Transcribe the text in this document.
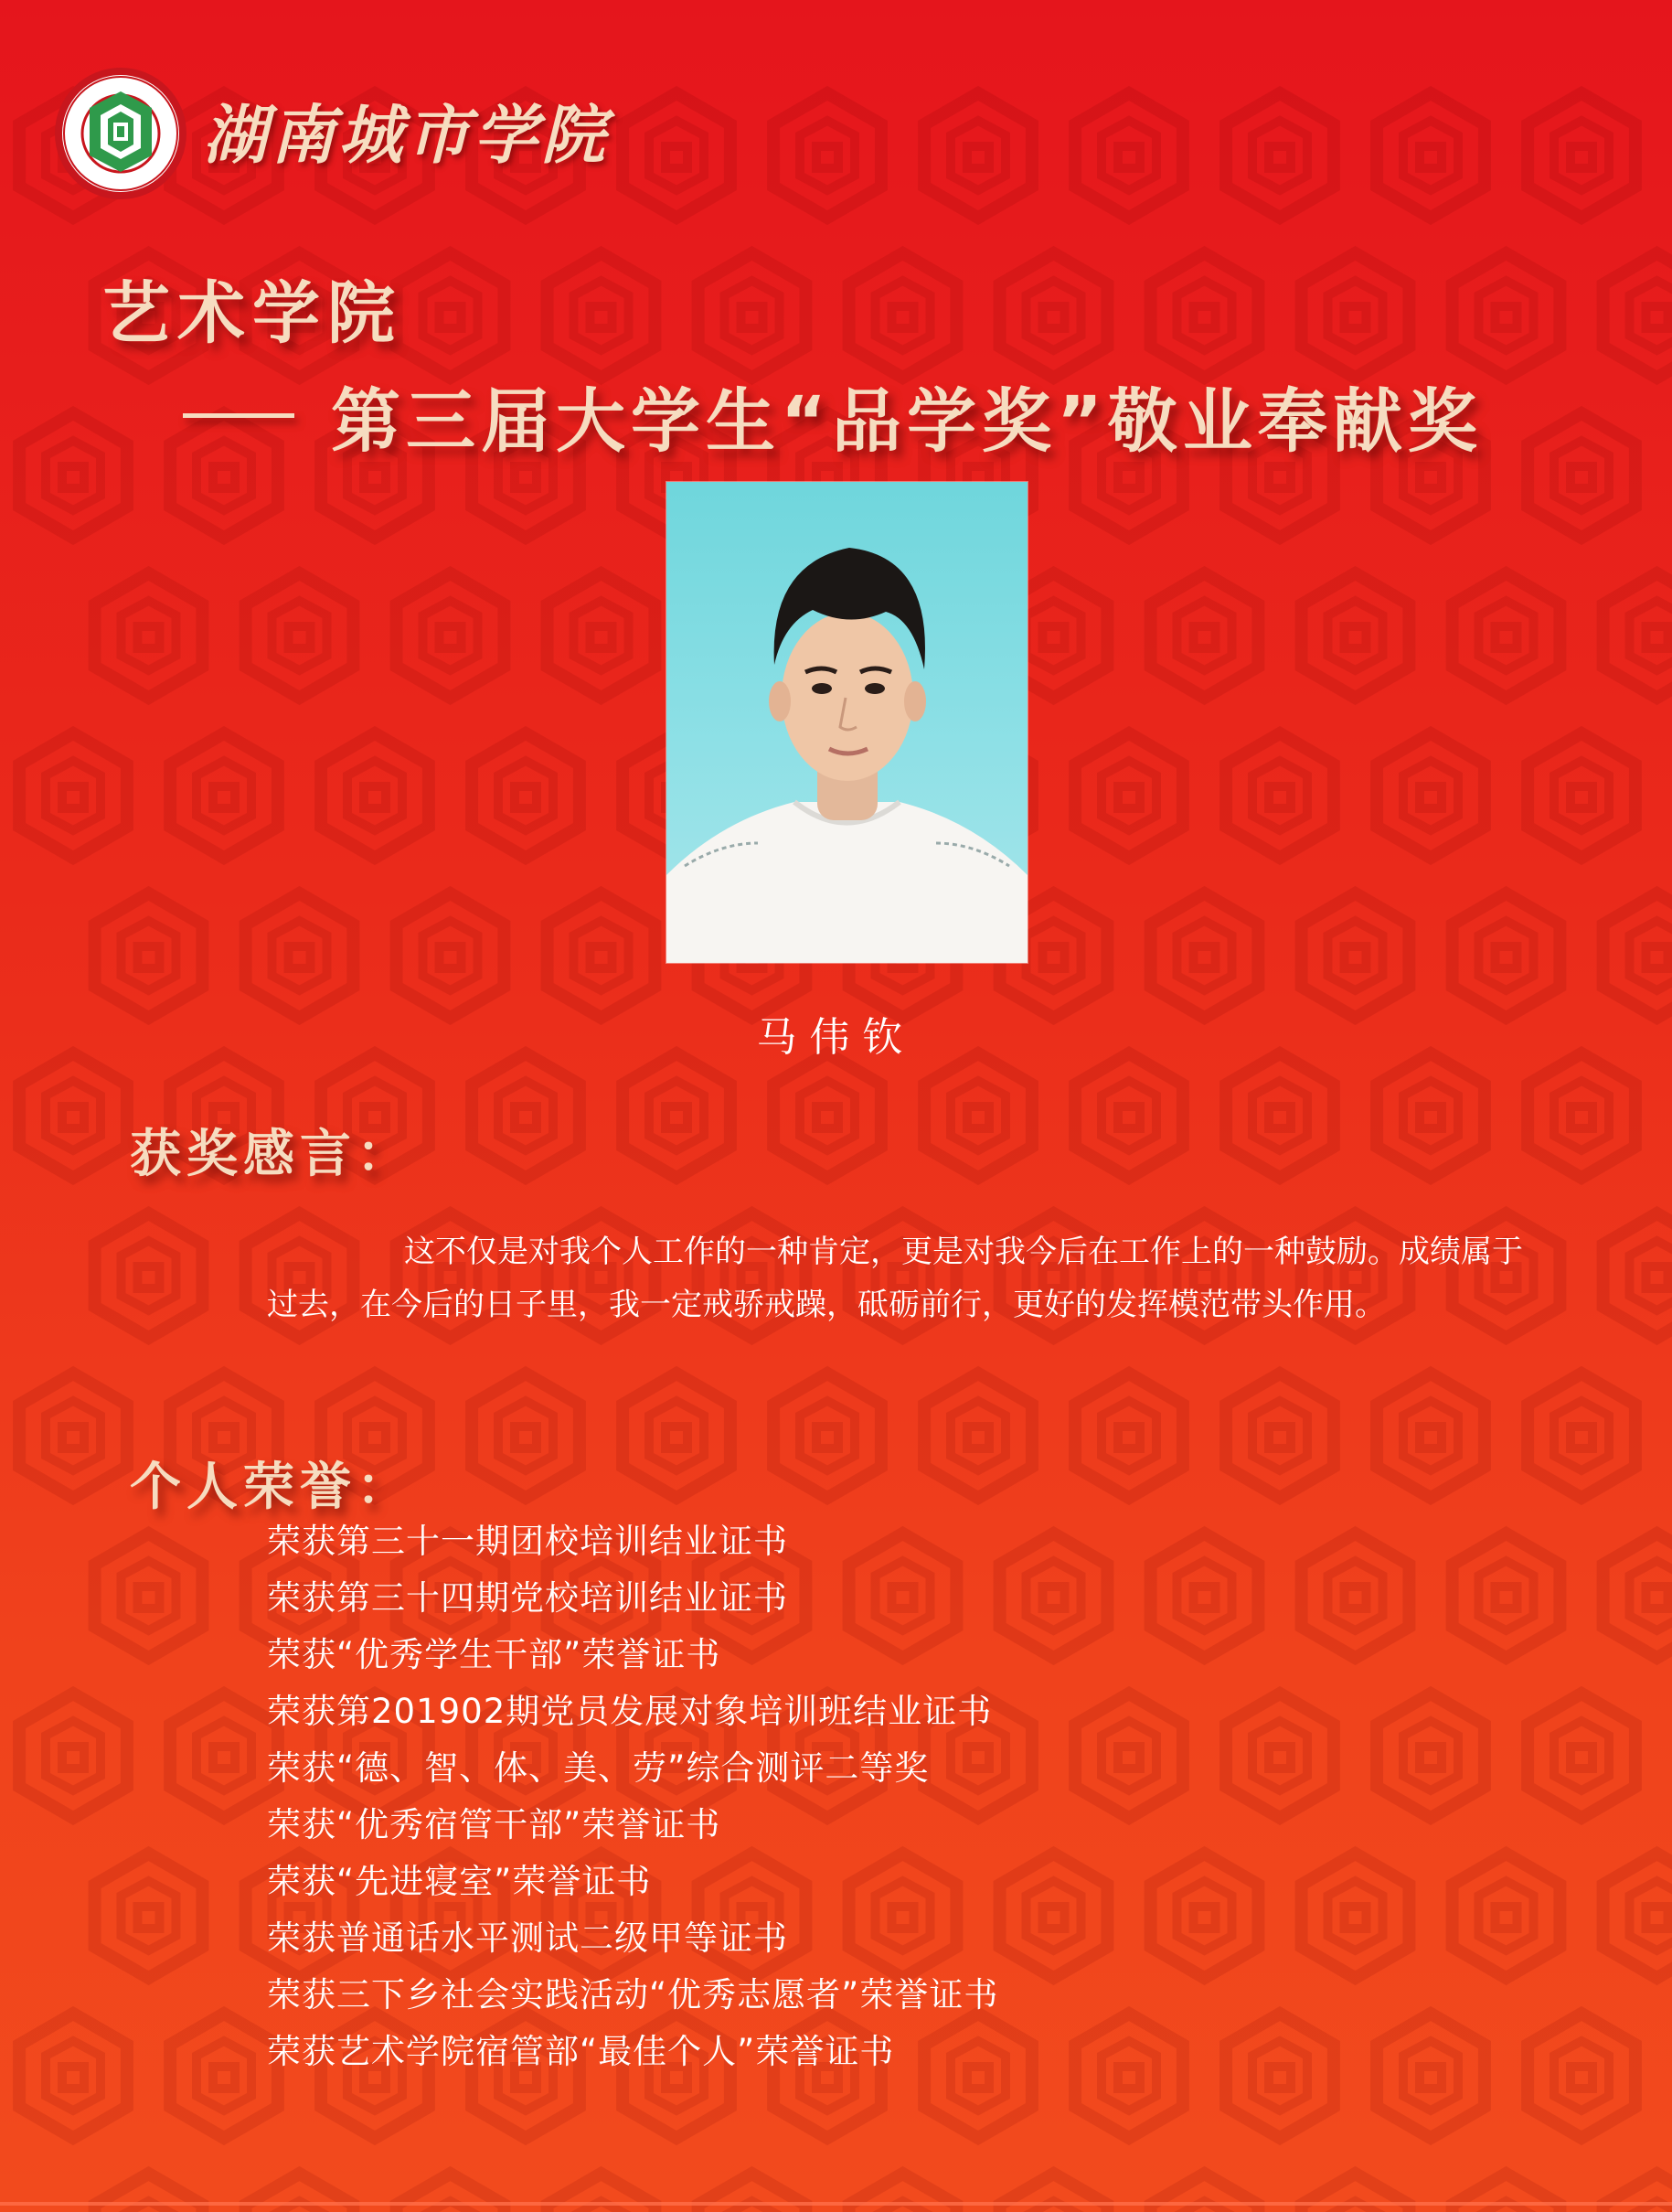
湖南城市学院
艺术学院
第三届大学生“品学奖”敬业奉献奖
马伟钦
获奖感言：
这不仅是对我个人工作的一种肯定，更是对我今后在工作上的一种鼓励。成绩属于过去，在今后的日子里，我一定戒骄戒躁，砥砺前行，更好的发挥模范带头作用。
个人荣誉：
荣获第三十一期团校培训结业证书
荣获第三十四期党校培训结业证书
荣获“优秀学生干部”荣誉证书
荣获第201902期党员发展对象培训班结业证书
荣获“德、智、体、美、劳”综合测评二等奖
荣获“优秀宿管干部”荣誉证书
荣获“先进寝室”荣誉证书
荣获普通话水平测试二级甲等证书
荣获三下乡社会实践活动“优秀志愿者”荣誉证书
荣获艺术学院宿管部“最佳个人”荣誉证书
